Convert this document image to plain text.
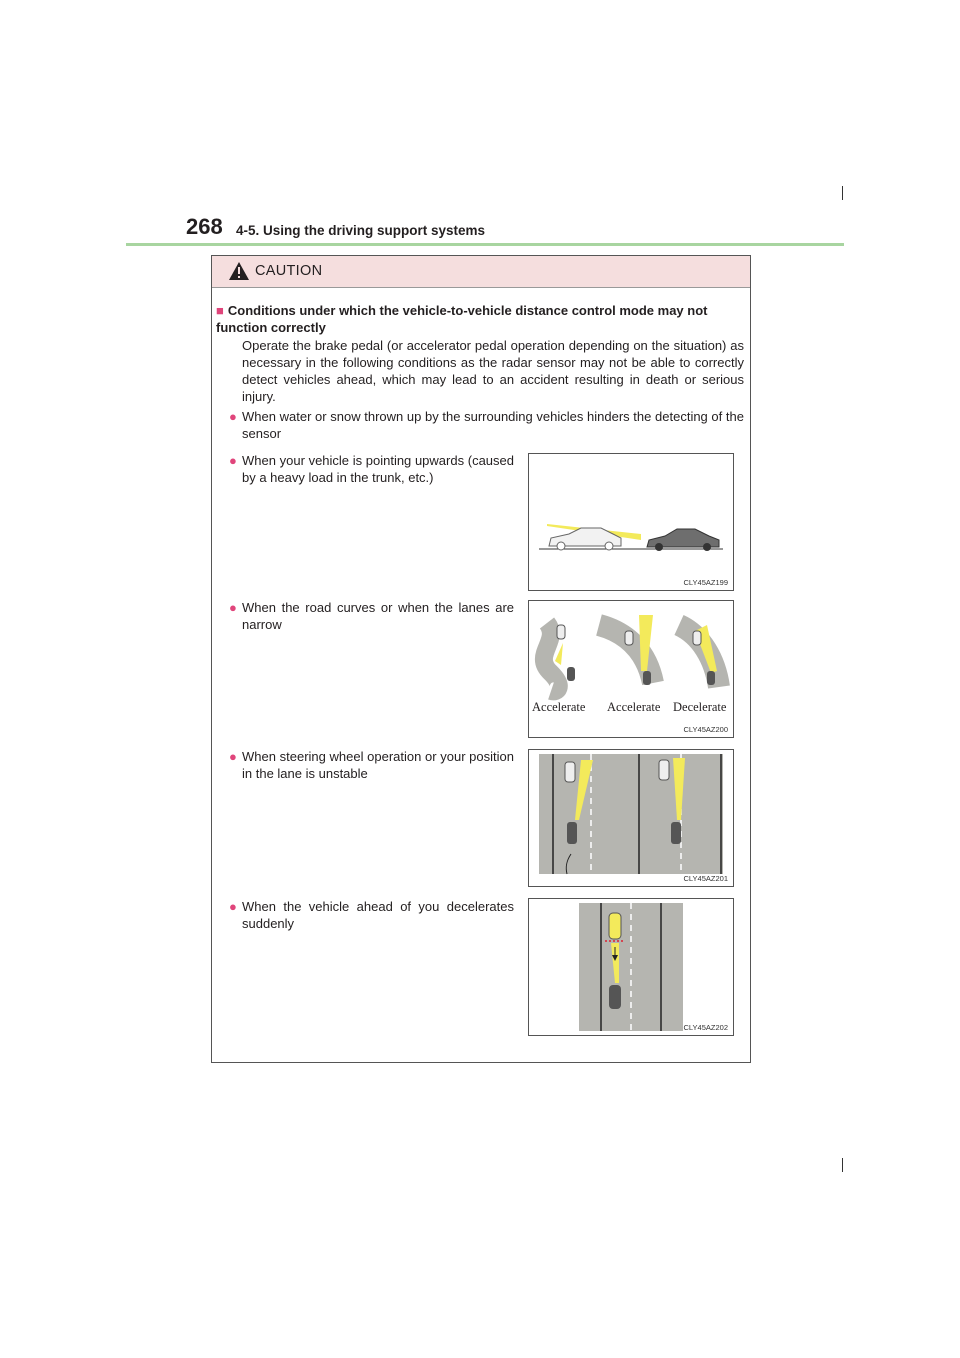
268 4-5. Using the driving support systems
CAUTION
■ Conditions under which the vehicle-to-vehicle distance control mode may not function correctly
Operate the brake pedal (or accelerator pedal operation depending on the situation) as necessary in the following conditions as the radar sensor may not be able to correctly detect vehicles ahead, which may lead to an accident resulting in death or serious injury.
● When water or snow thrown up by the surrounding vehicles hinders the detecting of the sensor
● When your vehicle is pointing upwards (caused by a heavy load in the trunk, etc.)
● When the road curves or when the lanes are narrow
● When steering wheel operation or your position in the lane is unstable
● When the vehicle ahead of you decelerates suddenly
CLY45AZ199
Accelerate Accelerate Decelerate
CLY45AZ200
CLY45AZ201
CLY45AZ202
